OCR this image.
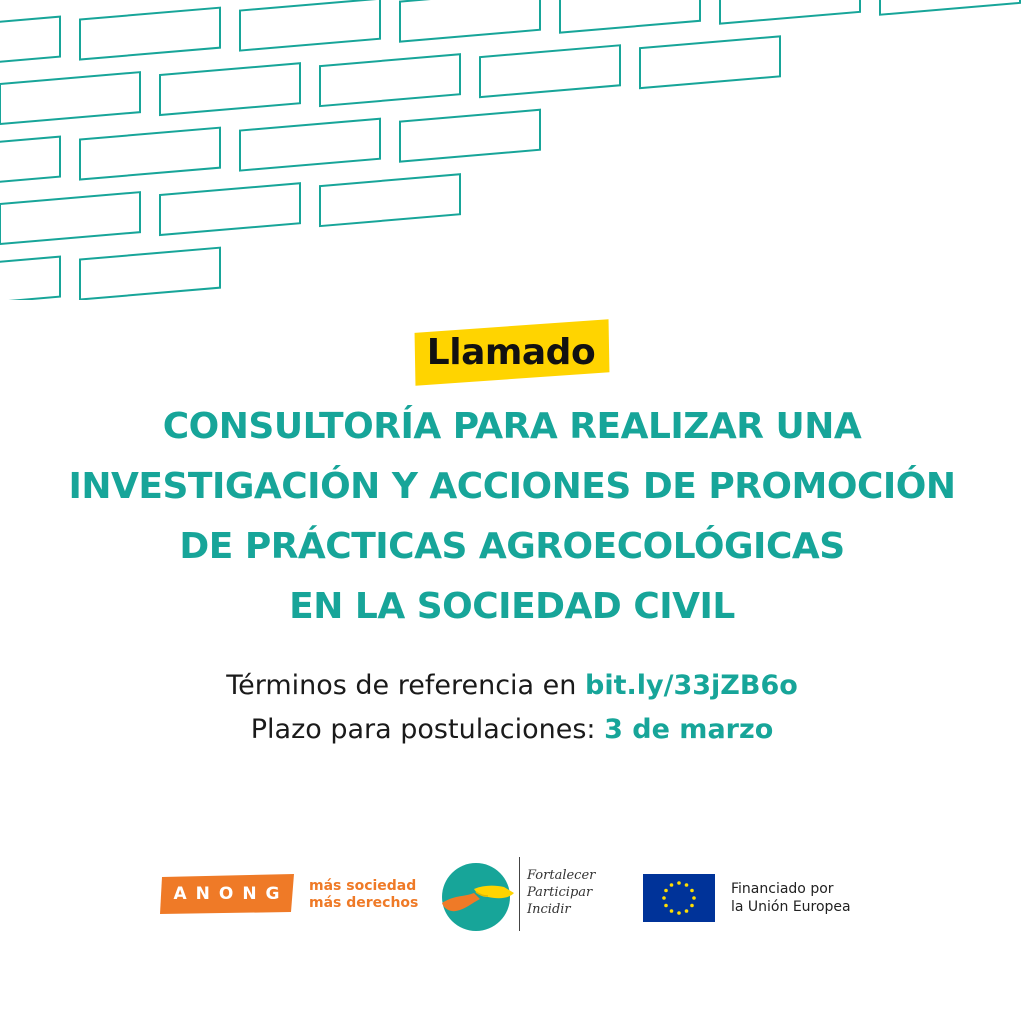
Llamado
CONSULTORÍA PARA REALIZAR UNA
INVESTIGACIÓN Y ACCIONES DE PROMOCIÓN
DE PRÁCTICAS AGROECOLÓGICAS
EN LA SOCIEDAD CIVIL
Términos de referencia en bit.ly/33jZB6o
Plazo para postulaciones: 3 de marzo
ANONG	más sociedad
más derechos
Fortalecer
Participar
Incidir
Financiado por
la Unión Europea
